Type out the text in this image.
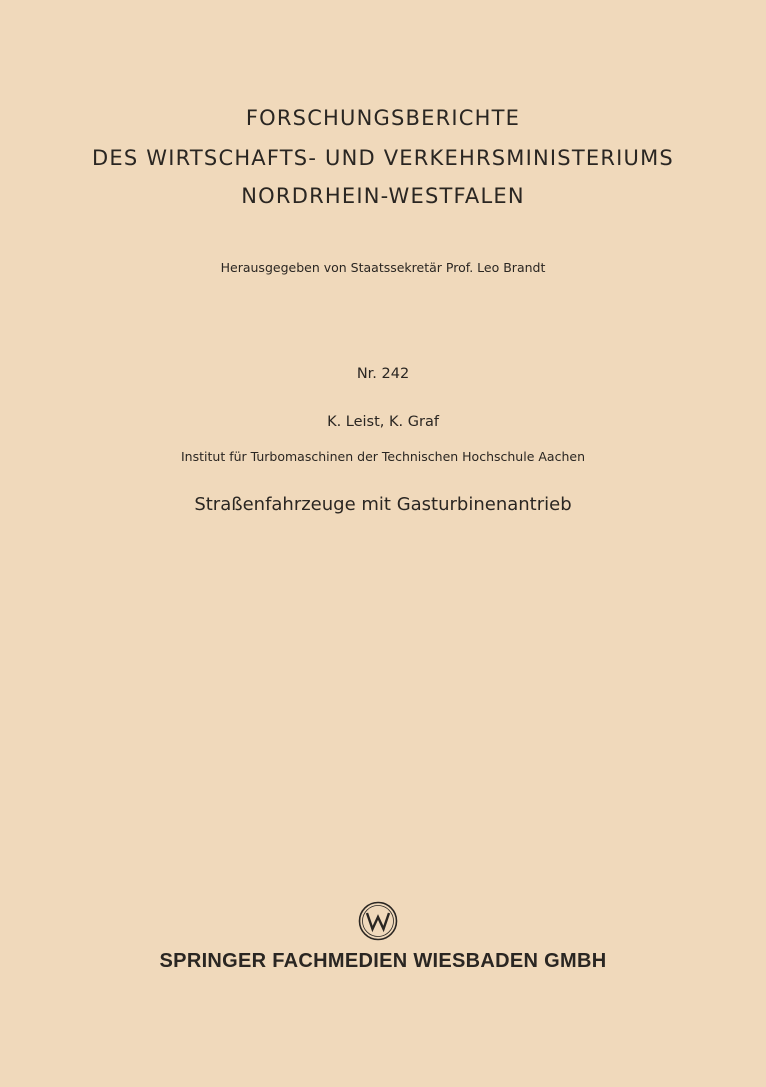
FORSCHUNGSBERICHTE
DES WIRTSCHAFTS- UND VERKEHRSMINISTERIUMS
NORDRHEIN-WESTFALEN
Herausgegeben von Staatssekretär Prof. Leo Brandt
Nr. 242
K. Leist, K. Graf
Institut für Turbomaschinen der Technischen Hochschule Aachen
Straßenfahrzeuge mit Gasturbinenantrieb
SPRINGER FACHMEDIEN WIESBADEN GMBH
